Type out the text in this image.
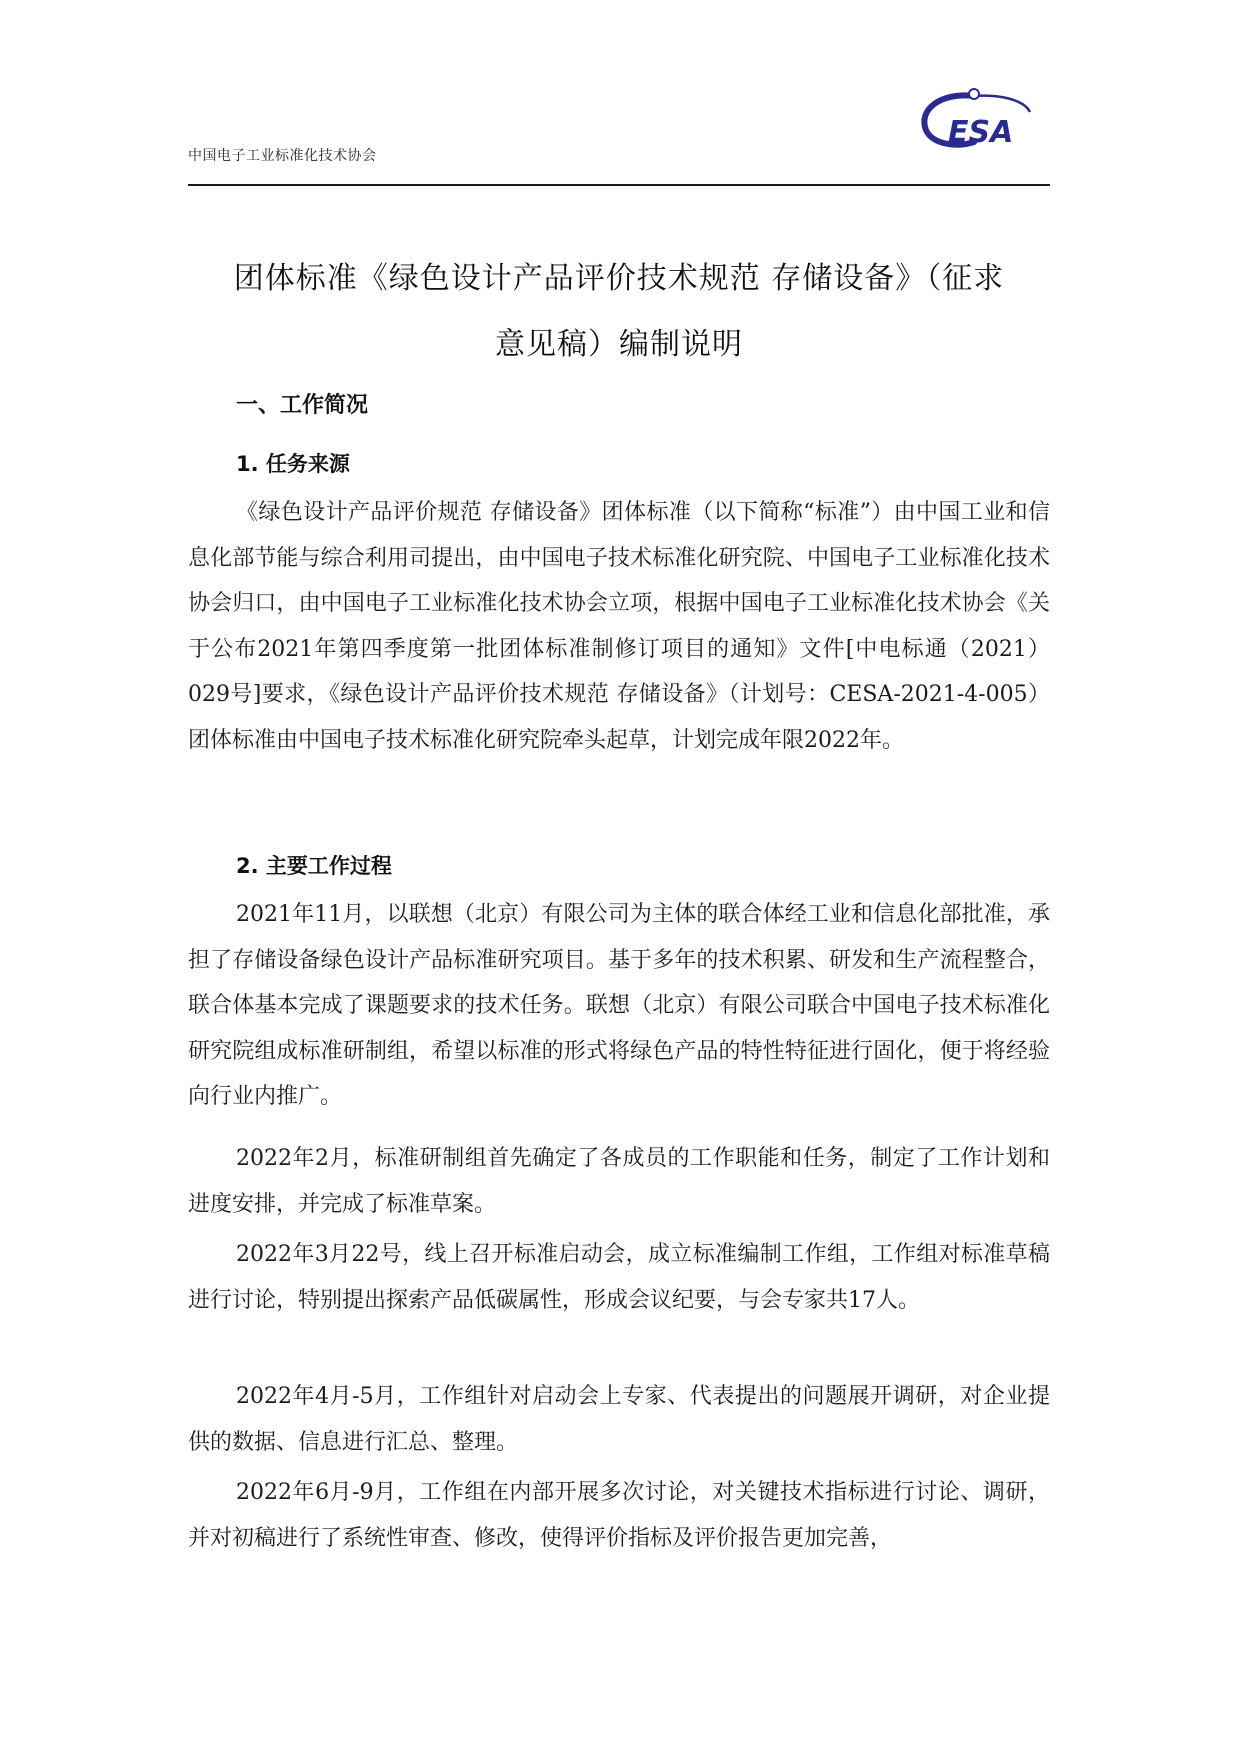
中国电子工业标准化技术协会
ESA
团体标准《绿色设计产品评价技术规范 存储设备》（征求
意见稿）编制说明
一、工作简况
1. 任务来源

《绿色设计产品评价规范 存储设备》团体标准（以下简称“标准”）由中国工业和信息化部节能与综合利用司提出，由中国电子技术标准化研究院、中国电子工业标准化技术协会归口，由中国电子工业标准化技术协会立项，根据中国电子工业标准化技术协会《关于公布2021年第四季度第一批团体标准制修订项目的通知》文件[中电标通（2021）029号]要求，《绿色设计产品评价技术规范 存储设备》（计划号：CESA-2021-4-005）团体标准由中国电子技术标准化研究院牵头起草，计划完成年限2022年。

2. 主要工作过程

2021年11月，以联想（北京）有限公司为主体的联合体经工业和信息化部批准，承担了存储设备绿色设计产品标准研究项目。基于多年的技术积累、研发和生产流程整合，联合体基本完成了课题要求的技术任务。联想（北京）有限公司联合中国电子技术标准化研究院组成标准研制组，希望以标准的形式将绿色产品的特性特征进行固化，便于将经验向行业内推广。

2022年2月，标准研制组首先确定了各成员的工作职能和任务，制定了工作计划和进度安排，并完成了标准草案。

2022年3月22号，线上召开标准启动会，成立标准编制工作组，工作组对标准草稿进行讨论，特别提出探索产品低碳属性，形成会议纪要，与会专家共17人。

2022年4月-5月，工作组针对启动会上专家、代表提出的问题展开调研，对企业提供的数据、信息进行汇总、整理。

2022年6月-9月，工作组在内部开展多次讨论，对关键技术指标进行讨论、调研，并对初稿进行了系统性审查、修改，使得评价指标及评价报告更加完善，
